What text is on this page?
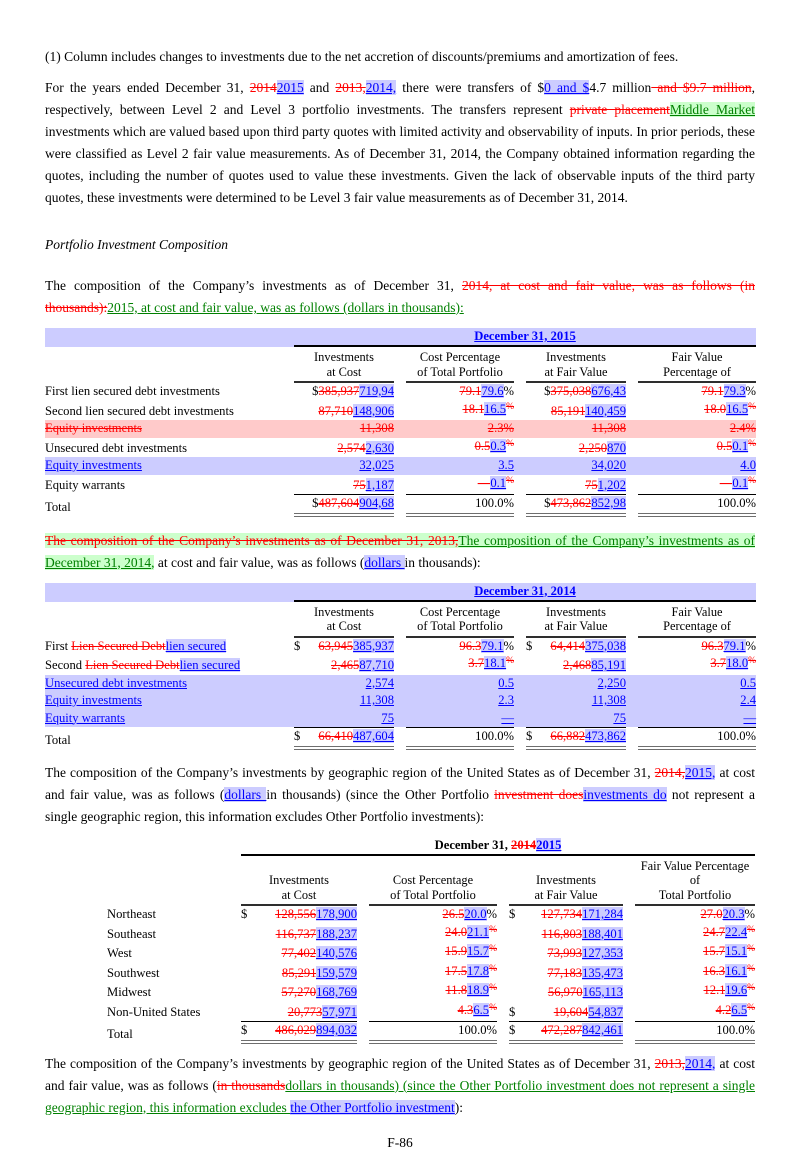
(1) Column includes changes to investments due to the net accretion of discounts/premiums and amortization of fees.

For the years ended December 31, 20142015 and 2013,2014, there were transfers of $0 and $4.7 million and $9.7 million, respectively, between Level 2 and Level 3 portfolio investments. The transfers represent private placementMiddle Market investments which are valued based upon third party quotes with limited activity and observability of inputs. In prior periods, these were classified as Level 2 fair value measurements. As of December 31, 2014, the Company obtained information regarding the quotes, including the number of quotes used to value these investments. Given the lack of observable inputs of the third party quotes, these investments were determined to be Level 3 fair value measurements as of December 31, 2014.

Portfolio Investment Composition

The composition of the Company’s investments as of December 31, 2014, at cost and fair value, was as follows (in thousands):2015, at cost and fair value, was as follows (dollars in thousands):

	December 31, 2015			

	Investments
at Cost	Cost Percentage
of Total Portfolio	Investments
at Fair Value	Fair Value
Percentage of

First lien secured debt investments	$385,937719,94	79.179.6%	$375,038676,43	79.179.3%

Second lien secured debt investments	87,710148,906	18.116.5%	85,191140,459	18.016.5%

Equity investments	11,308	2.3%	11,308	2.4%

Unsecured debt investments	2,5742,630	0.50.3%	2,250870	0.50.1%

Equity investments	32,025	3.5	34,020	4.0

Equity warrants	751,187	—0.1%	751,202	—0.1%

Total	$487,604904,68	100.0%	$473,862852,98	100.0%

The composition of the Company’s investments as of December 31, 2013,The composition of the Company’s investments as of December 31, 2014, at cost and fair value, was as follows (dollars in thousands):

	December 31, 2014			

	Investments
at Cost	Cost Percentage
of Total Portfolio	Investments
at Fair Value	Fair Value
Percentage of

First Lien Secured Debtlien secured	$ 63,945385,937	96.379.1%	$ 64,414375,038	96.379.1%

Second Lien Secured Debtlien secured	2,46587,710	3.718.1%	2,46885,191	3.718.0%

Unsecured debt investments	2,574	0.5	2,250	0.5

Equity investments	11,308	2.3	11,308	2.4

Equity warrants	75	—	75	—

Total	$ 66,410487,604	100.0%	$ 66,882473,862	100.0%

The composition of the Company’s investments by geographic region of the United States as of December 31, 2014,2015, at cost and fair value, was as follows (dollars in thousands) (since the Other Portfolio investment doesinvestments do not represent a single geographic region, this information excludes Other Portfolio investments):

	December 31, 20142015			

	Investments
at Cost	Cost Percentage
of Total Portfolio	Investments
at Fair Value	Fair Value Percentage of
Total Portfolio

Northeast	$ 128,556178,900	26.520.0%	$ 127,734171,284	27.020.3%

Southeast	116,737188,237	24.021.1%	116,803188,401	24.722.4%

West	77,402140,576	15.915.7%	73,993127,353	15.715.1%

Southwest	85,291159,579	17.517.8%	77,183135,473	16.316.1%

Midwest	57,270168,769	11.818.9%	56,970165,113	12.119.6%

Non-United States	20,77357,971	4.36.5%	$ 19,60454,837	4.26.5%

Total	$ 486,029894,032	100.0%	$ 472,287842,461	100.0%

The composition of the Company’s investments by geographic region of the United States as of December 31, 2013,2014, at cost and fair value, was as follows (in thousandsdollars in thousands) (since the Other Portfolio investment does not represent a single geographic region, this information excludes the Other Portfolio investment):

F-86
